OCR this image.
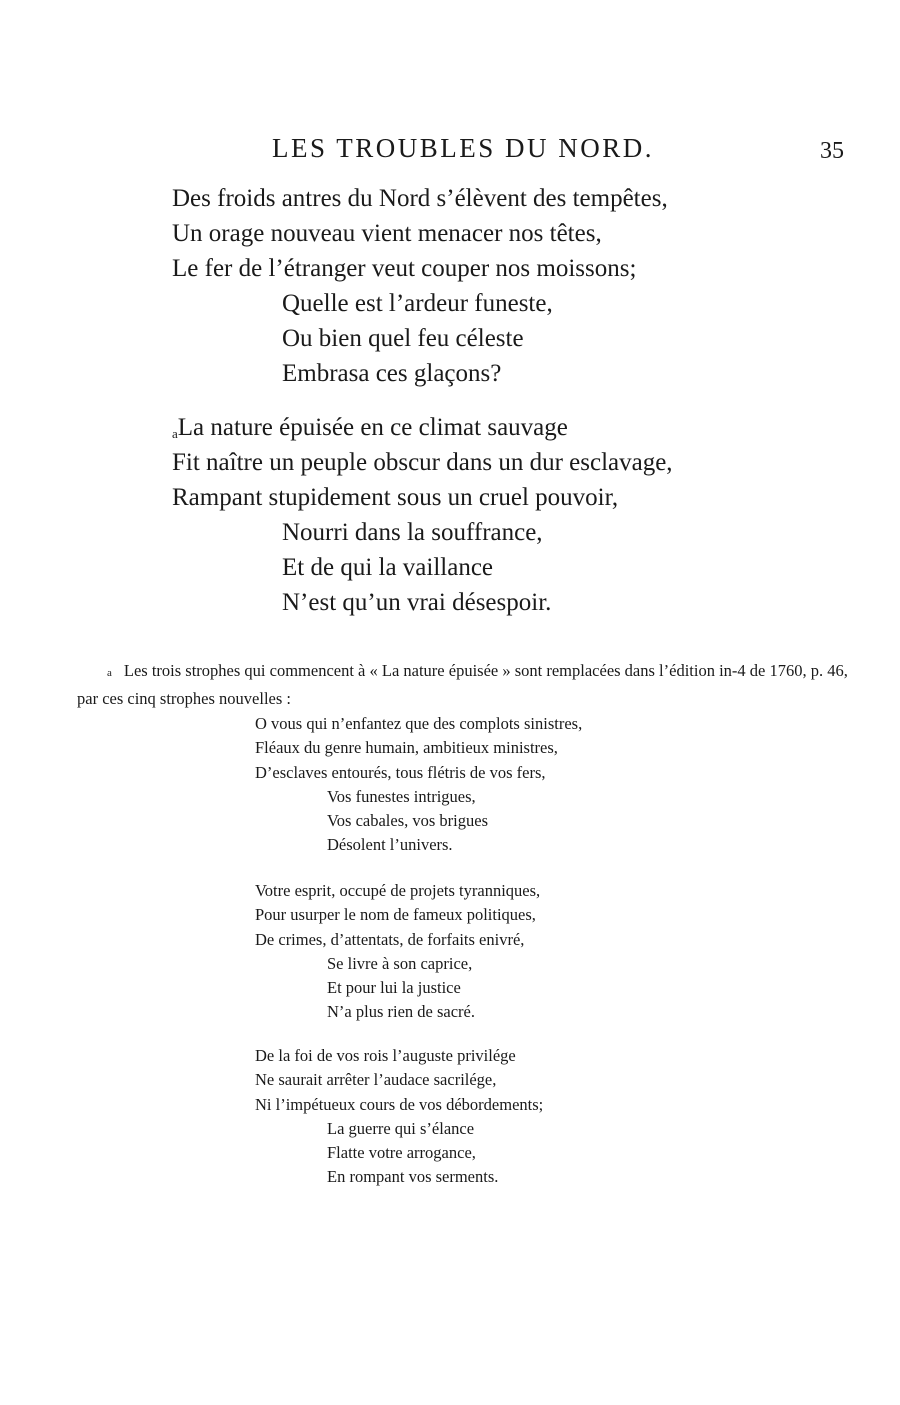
LES TROUBLES DU NORD.	35
Des froids antres du Nord s’élèvent des tempêtes,
Un orage nouveau vient menacer nos têtes,
Le fer de l’étranger veut couper nos moissons;
Quelle est l’ardeur funeste,
Ou bien quel feu céleste
Embrasa ces glaçons?
$^a$La nature épuisée en ce climat sauvage
Fit naître un peuple obscur dans un dur esclavage,
Rampant stupidement sous un cruel pouvoir,
Nourri dans la souffrance,
Et de qui la vaillance
N’est qu’un vrai désespoir.

a Les trois strophes qui commencent à « La nature épuisée » sont remplacées dans l’édition in-4 de 1760, p. 46, par ces cinq strophes nouvelles :

O vous qui n’enfantez que des complots sinistres,
Fléaux du genre humain, ambitieux ministres,
D’esclaves entourés, tous flétris de vos fers,
Vos funestes intrigues,
Vos cabales, vos brigues
Désolent l’univers.
Votre esprit, occupé de projets tyranniques,
Pour usurper le nom de fameux politiques,
De crimes, d’attentats, de forfaits enivré,
Se livre à son caprice,
Et pour lui la justice
N’a plus rien de sacré.
De la foi de vos rois l’auguste privilége
Ne saurait arrêter l’audace sacrilége,
Ni l’impétueux cours de vos débordements;
La guerre qui s’élance
Flatte votre arrogance,
En rompant vos serments.
